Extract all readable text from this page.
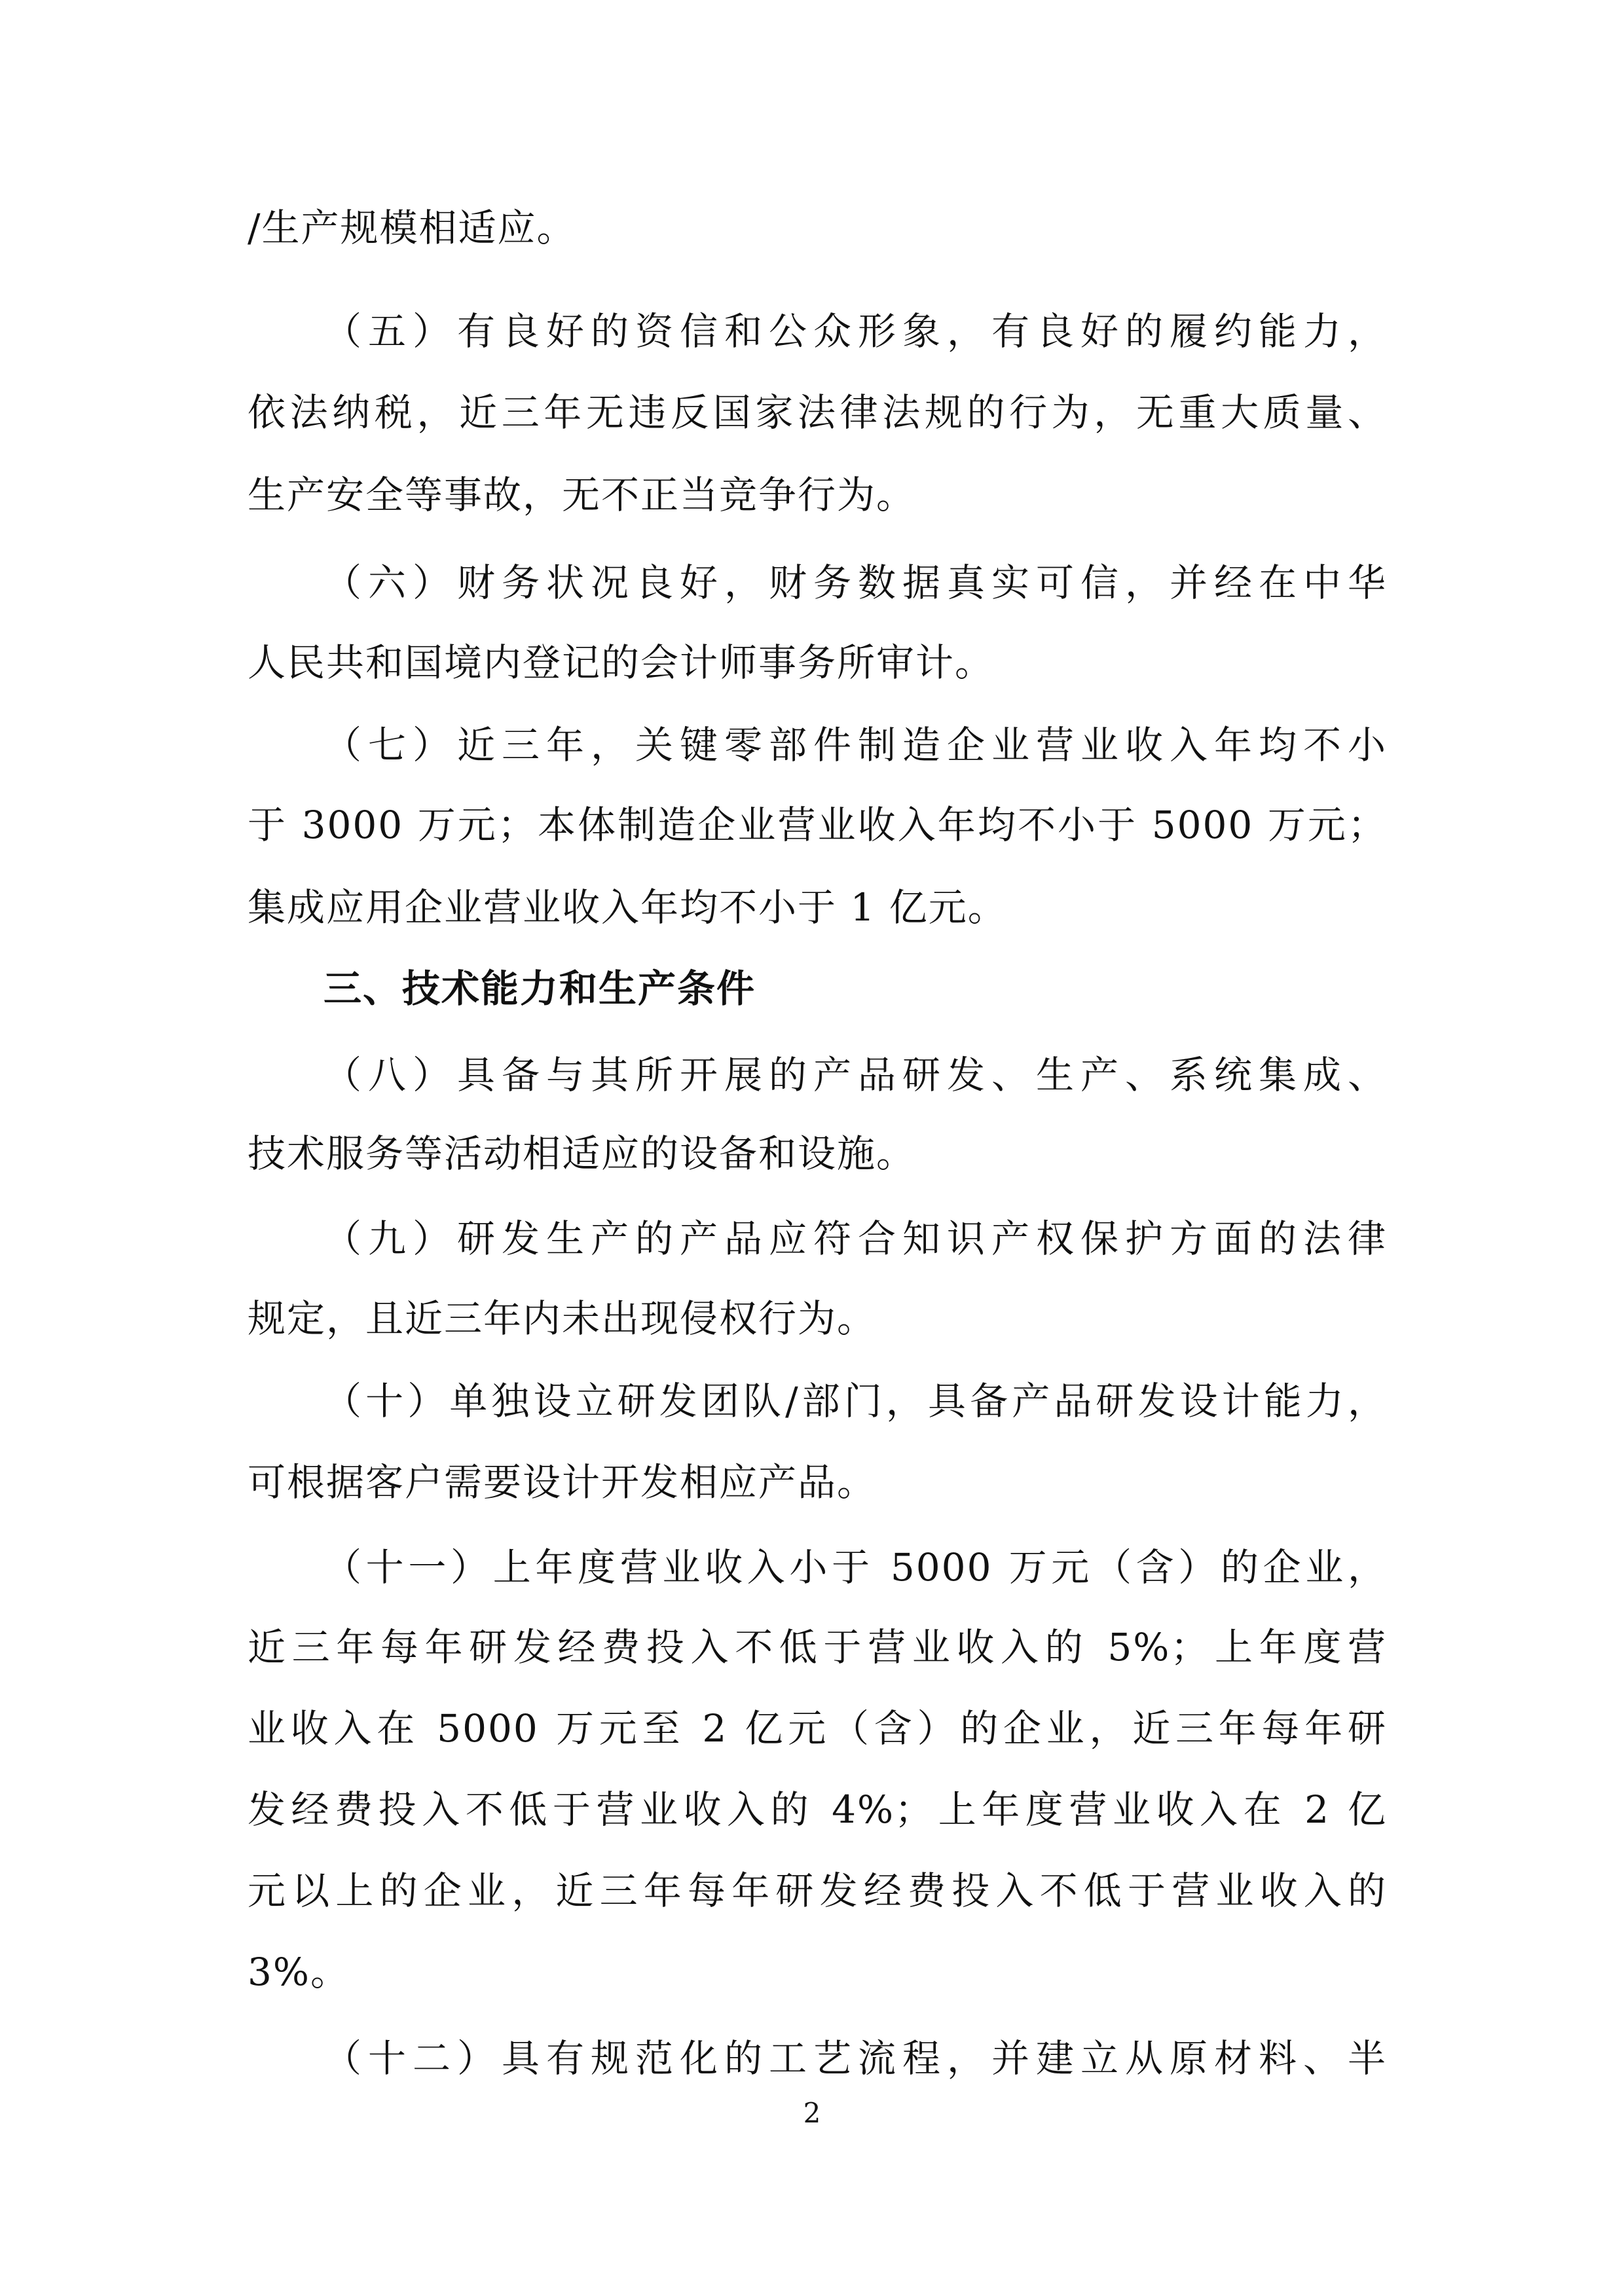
/生产规模相适应。
（五）有良好的资信和公众形象，有良好的履约能力，
依法纳税，近三年无违反国家法律法规的行为，无重大质量、
生产安全等事故，无不正当竞争行为。
（六）财务状况良好，财务数据真实可信，并经在中华
人民共和国境内登记的会计师事务所审计。
（七）近三年，关键零部件制造企业营业收入年均不小
于 3000 万元；本体制造企业营业收入年均不小于 5000 万元；
集成应用企业营业收入年均不小于 1 亿元。
三、技术能力和生产条件
（八）具备与其所开展的产品研发、生产、系统集成、
技术服务等活动相适应的设备和设施。
（九）研发生产的产品应符合知识产权保护方面的法律
规定，且近三年内未出现侵权行为。
（十）单独设立研发团队/部门，具备产品研发设计能力，
可根据客户需要设计开发相应产品。
（十一）上年度营业收入小于 5000 万元（含）的企业，
近三年每年研发经费投入不低于营业收入的 5%；上年度营
业收入在 5000 万元至 2 亿元（含）的企业，近三年每年研
发经费投入不低于营业收入的 4%；上年度营业收入在 2 亿
元以上的企业，近三年每年研发经费投入不低于营业收入的
3%。
（十二）具有规范化的工艺流程，并建立从原材料、半
2
